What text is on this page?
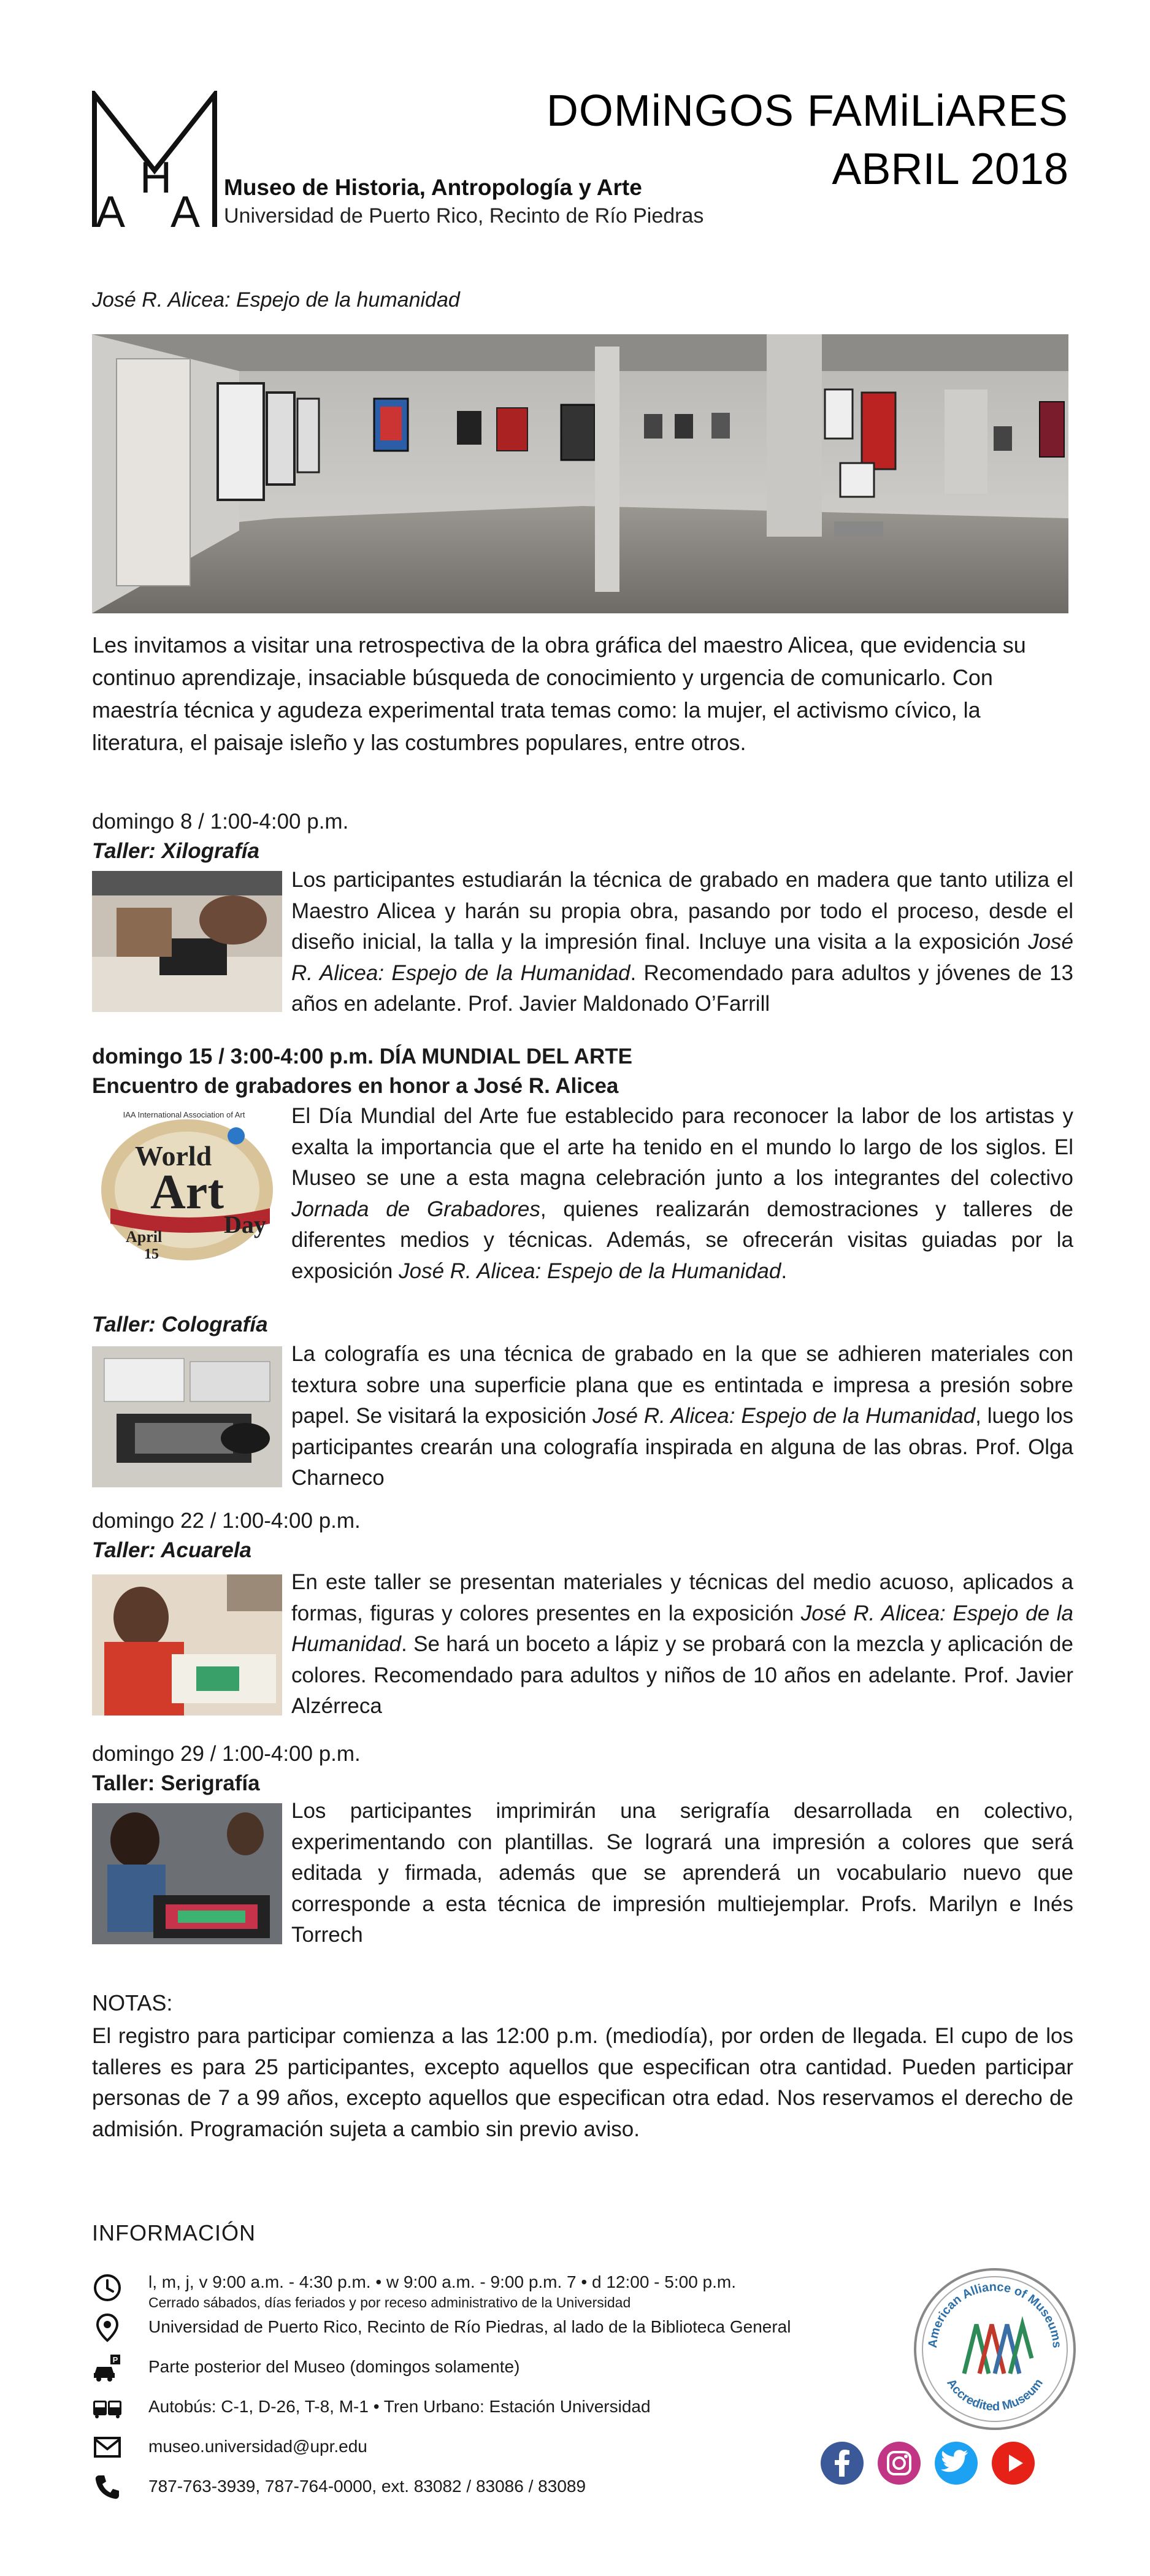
A
H
A
Museo de Historia, Antropología y Arte
Universidad de Puerto Rico, Recinto de Río Piedras
DOMiNGOS FAMiLiARES
ABRIL 2018
José R. Alicea: Espejo de la humanidad
Les invitamos a visitar una retrospectiva de la obra gráfica del maestro Alicea, que evidencia su continuo aprendizaje, insaciable búsqueda de conocimiento y urgencia de comunicarlo. Con maestría técnica y agudeza experimental trata temas como: la mujer, el activismo cívico, la literatura, el paisaje isleño y las costumbres populares, entre otros.
domingo 8 / 1:00-4:00 p.m.
Taller: Xilografía
Los participantes estudiarán la técnica de grabado en madera que tanto utiliza el Maestro Alicea y harán su propia obra, pasando por todo el proceso, desde el diseño inicial, la talla y la impresión final. Incluye una visita a la exposición José R. Alicea: Espejo de la Humanidad. Recomendado para adultos y jóvenes de 13 años en adelante. Prof. Javier Maldonado O’Farrill
domingo 15 / 3:00-4:00 p.m. DÍA MUNDIAL DEL ARTE
Encuentro de grabadores en honor a José R. Alicea
IAA International Association of Art
World
Art
Day
April
15
El Día Mundial del Arte fue establecido para reconocer la labor de los artistas y exalta la importancia que el arte ha tenido en el mundo lo largo de los siglos. El Museo se une a esta magna celebración junto a los integrantes del colectivo Jornada de Grabadores, quienes realizarán demostraciones y talleres de diferentes medios y técnicas. Además, se ofrecerán visitas guiadas por la exposición José R. Alicea: Espejo de la Humanidad.
Taller: Colografía
La colografía es una técnica de grabado en la que se adhieren materiales con textura sobre una superficie plana que es entintada e impresa a presión sobre papel. Se visitará la exposición José R. Alicea: Espejo de la Humanidad, luego los participantes crearán una colografía inspirada en alguna de las obras. Prof. Olga Charneco
domingo 22 / 1:00-4:00 p.m.
Taller: Acuarela
En este taller se presentan materiales y técnicas del medio acuoso, aplicados a formas, figuras y colores presentes en la exposición José R. Alicea: Espejo de la Humanidad. Se hará un boceto a lápiz y se probará con la mezcla y aplicación de colores. Recomendado para adultos y niños de 10 años en adelante. Prof. Javier Alzérreca
domingo 29 / 1:00-4:00 p.m.
Taller: Serigrafía
Los participantes imprimirán una serigrafía desarrollada en colectivo, experimentando con plantillas. Se logrará una impresión a colores que será editada y firmada, además que se aprenderá un vocabulario nuevo que corresponde a esta técnica de impresión multiejemplar. Profs. Marilyn e Inés Torrech
NOTAS:
El registro para participar comienza a las 12:00 p.m. (mediodía), por orden de llegada. El cupo de los talleres es para 25 participantes, excepto aquellos que especifican otra cantidad. Pueden participar personas de 7 a 99 años, excepto aquellos que especifican otra edad. Nos reservamos el derecho de admisión. Programación sujeta a cambio sin previo aviso.
INFORMACIÓN
l, m, j, v 9:00 a.m. - 4:30 p.m. • w 9:00 a.m. - 9:00 p.m. 7 • d 12:00 - 5:00 p.m.
Cerrado sábados, días feriados y por receso administrativo de la Universidad
Universidad de Puerto Rico, Recinto de Río Piedras, al lado de la Biblioteca General
P Parte posterior del Museo (domingos solamente)
Autobús: C-1, D-26, T-8, M-1 • Tren Urbano: Estación Universidad
museo.universidad@upr.edu
787-763-3939, 787-764-0000, ext. 83082 / 83086 / 83089
American Alliance of Museums
Accredited Museum
